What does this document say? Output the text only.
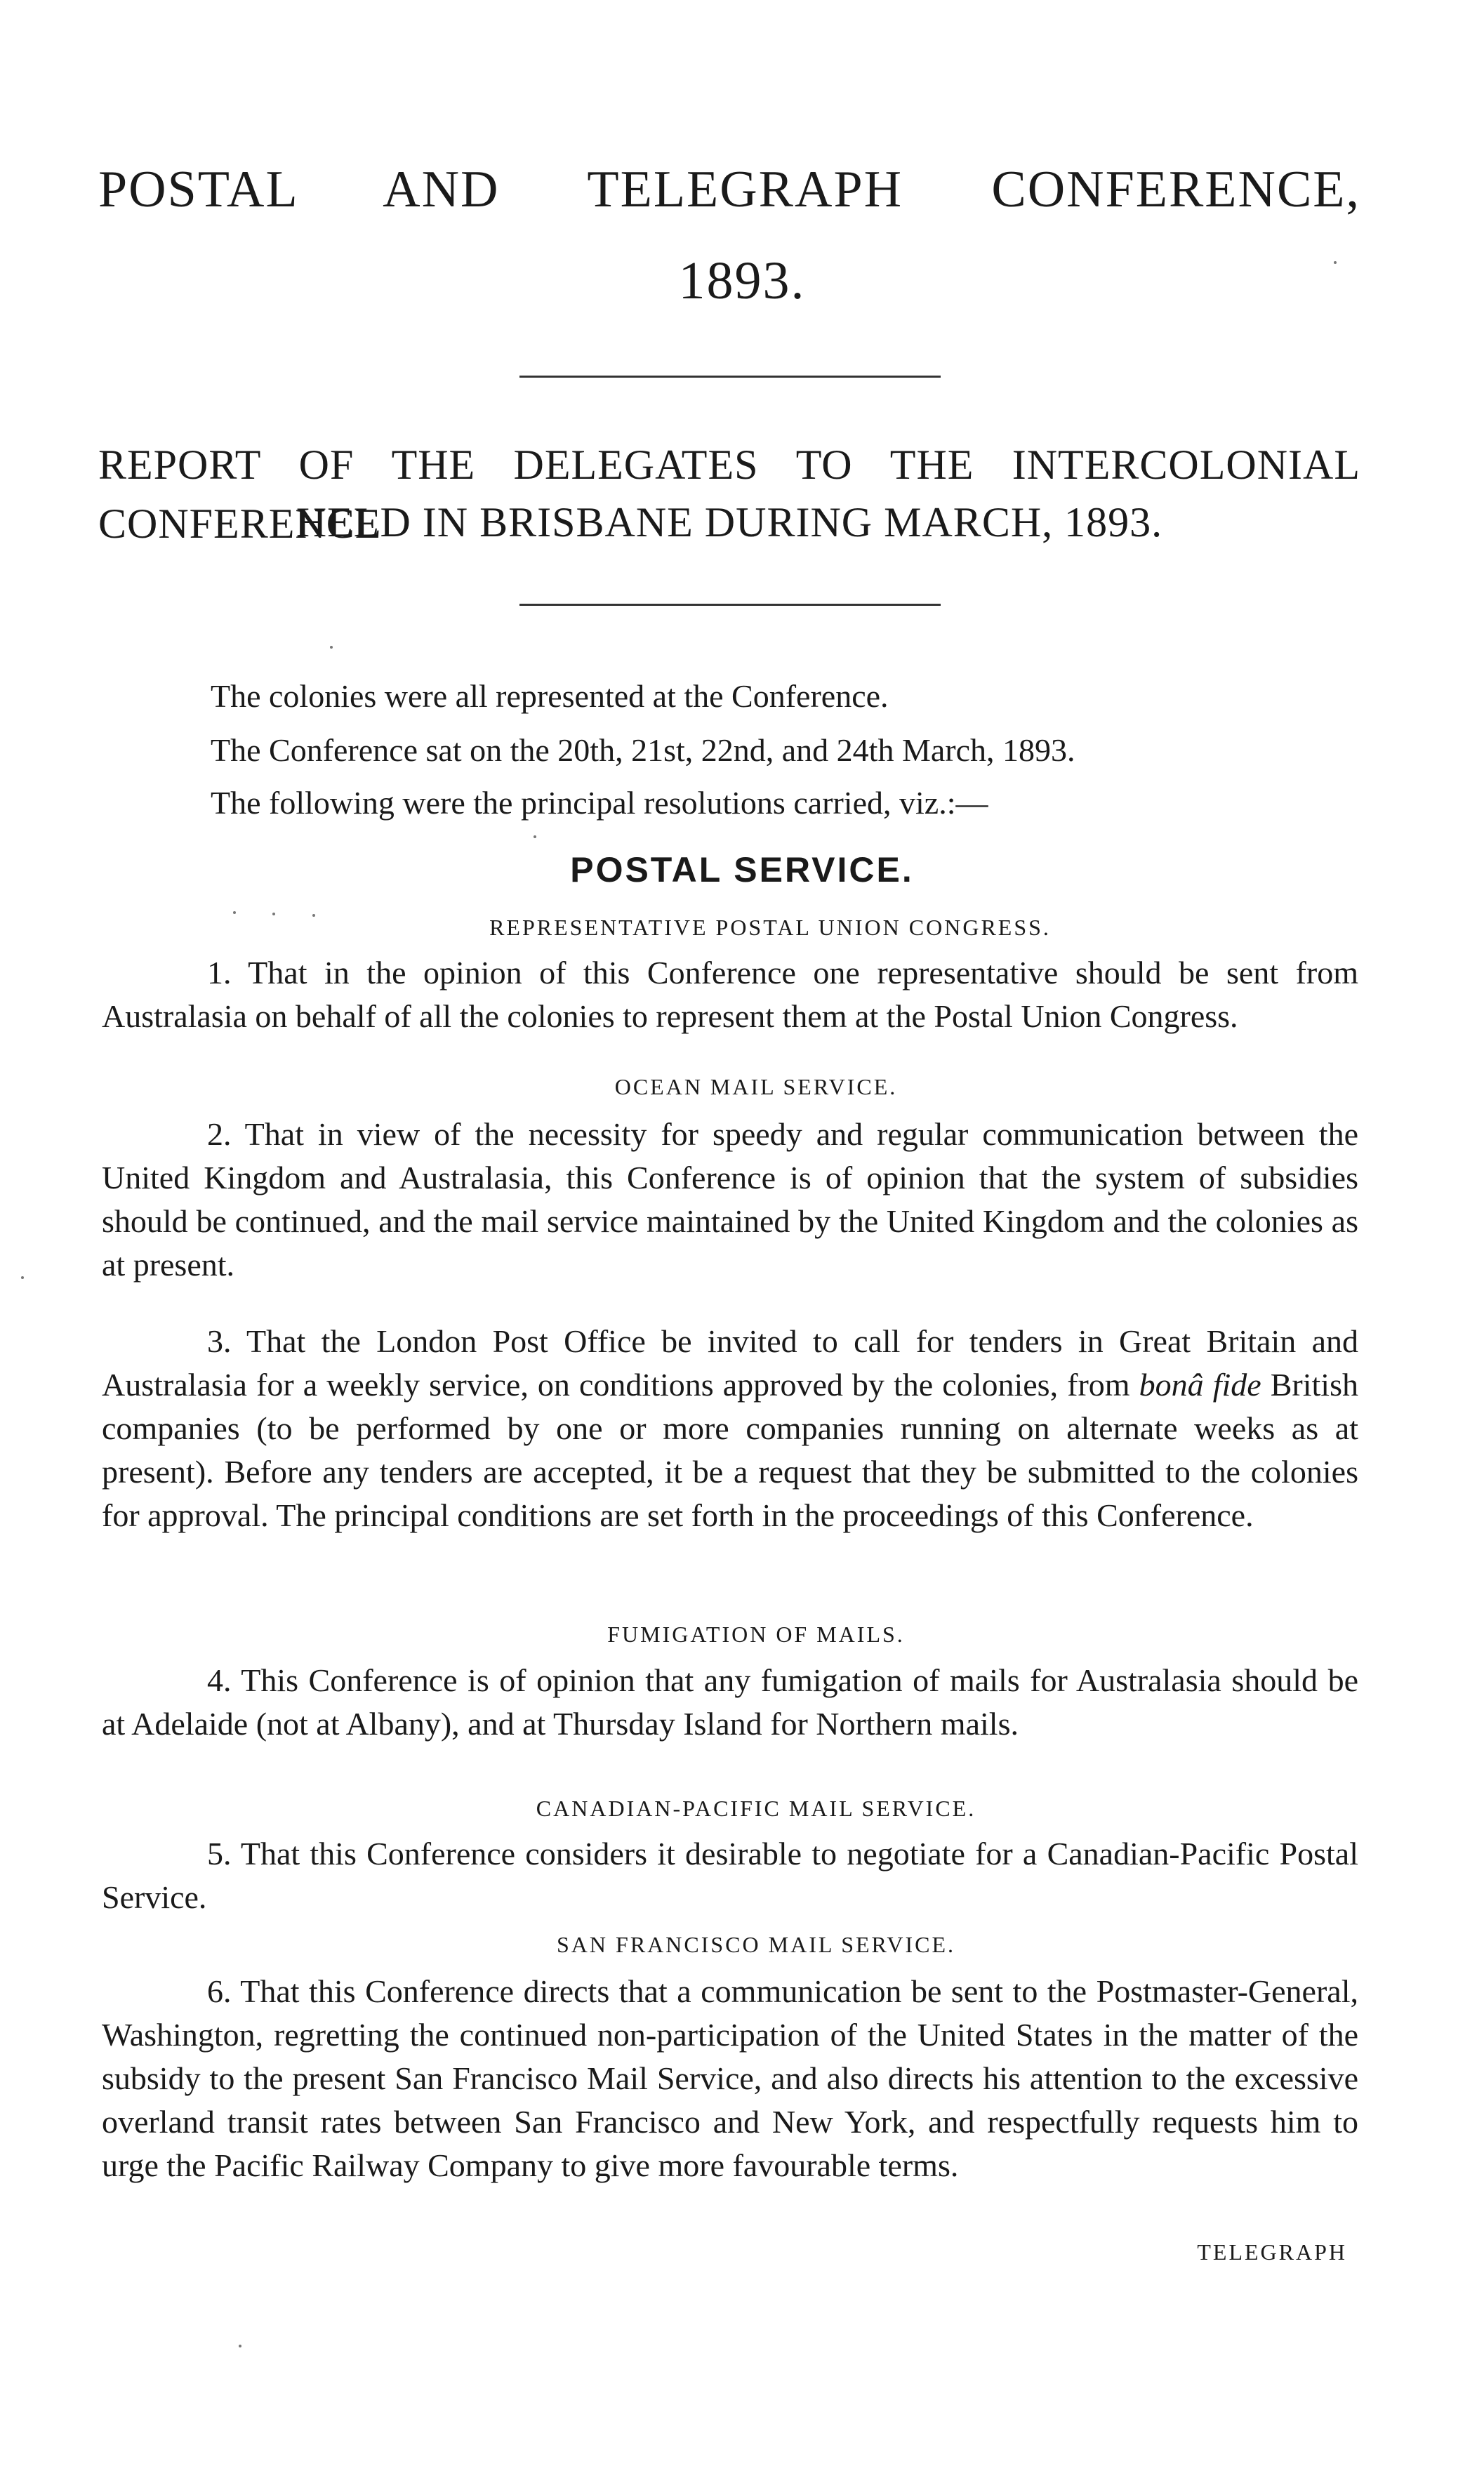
POSTAL AND TELEGRAPH CONFERENCE,
1893.
REPORT OF THE DELEGATES TO THE INTERCOLONIAL CONFERENCE
HELD IN BRISBANE DURING MARCH, 1893.

The colonies were all represented at the Conference.

The Conference sat on the 20th, 21st, 22nd, and 24th March, 1893.

The following were the principal resolutions carried, viz.:—

POSTAL SERVICE.

REPRESENTATIVE POSTAL UNION CONGRESS.

1. That in the opinion of this Conference one representative should be sent from Australasia on behalf of all the colonies to represent them at the Postal Union Congress.

OCEAN MAIL SERVICE.

2. That in view of the necessity for speedy and regular communication between the United Kingdom and Australasia, this Conference is of opinion that the system of subsidies should be continued, and the mail service maintained by the United Kingdom and the colonies as at present.

3. That the London Post Office be invited to call for tenders in Great Britain and Australasia for a weekly service, on conditions approved by the colonies, from bonâ fide British companies (to be performed by one or more companies running on alternate weeks as at present). Before any tenders are accepted, it be a request that they be submitted to the colonies for approval. The principal conditions are set forth in the proceedings of this Conference.

FUMIGATION OF MAILS.

4. This Conference is of opinion that any fumigation of mails for Australasia should be at Adelaide (not at Albany), and at Thursday Island for Northern mails.

CANADIAN-PACIFIC MAIL SERVICE.

5. That this Conference considers it desirable to negotiate for a Canadian-Pacific Postal Service.

SAN FRANCISCO MAIL SERVICE.

6. That this Conference directs that a communication be sent to the Postmaster-General, Washington, regretting the continued non-participation of the United States in the matter of the subsidy to the present San Francisco Mail Service, and also directs his attention to the excessive overland transit rates between San Francisco and New York, and respectfully requests him to urge the Pacific Railway Company to give more favourable terms.

TELEGRAPH
